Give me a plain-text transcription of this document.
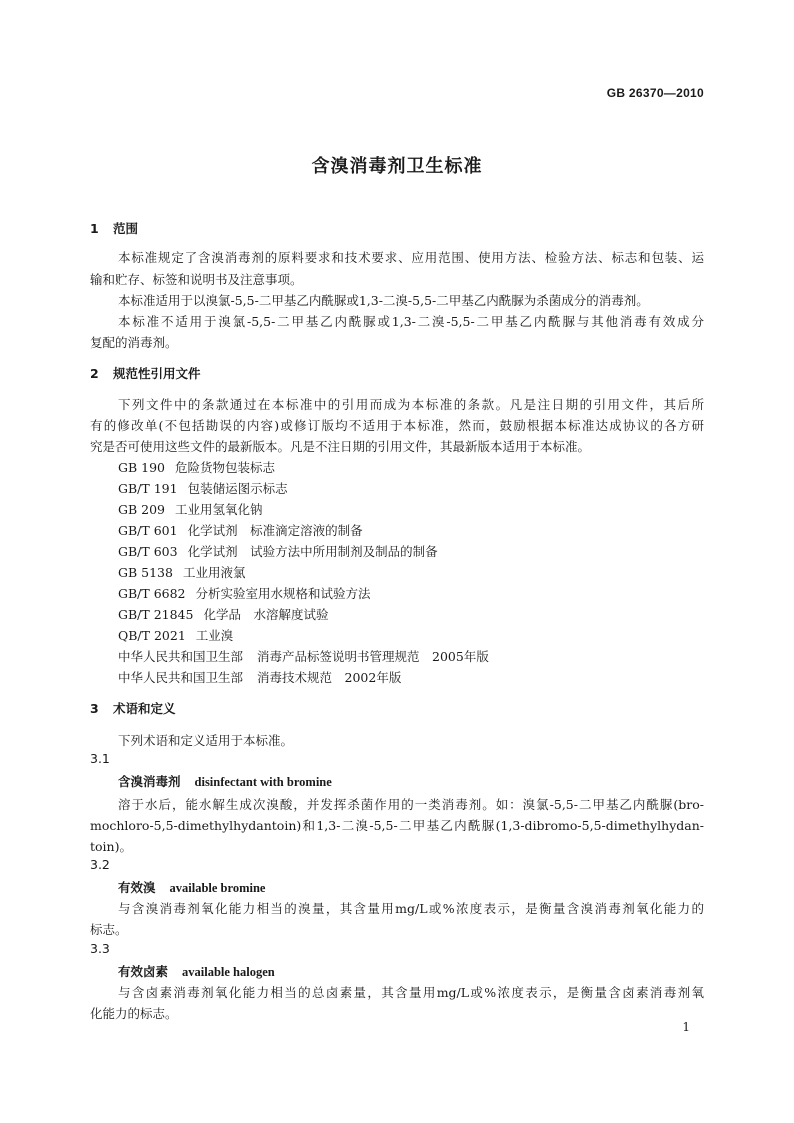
GB 26370—2010
含溴消毒剂卫生标准
1 范围
本标准规定了含溴消毒剂的原料要求和技术要求、应用范围、使用方法、检验方法、标志和包装、运
输和贮存、标签和说明书及注意事项。
本标准适用于以溴氯-5,5-二甲基乙内酰脲或1,3-二溴-5,5-二甲基乙内酰脲为杀菌成分的消毒剂。
本标准不适用于溴氯-5,5-二甲基乙内酰脲或1,3-二溴-5,5-二甲基乙内酰脲与其他消毒有效成分
复配的消毒剂。
2 规范性引用文件
下列文件中的条款通过在本标准中的引用而成为本标准的条款。凡是注日期的引用文件，其后所
有的修改单(不包括勘误的内容)或修订版均不适用于本标准，然而，鼓励根据本标准达成协议的各方研
究是否可使用这些文件的最新版本。凡是不注日期的引用文件，其最新版本适用于本标准。
GB 190 危险货物包装标志
GB/T 191 包装储运图示标志
GB 209 工业用氢氧化钠
GB/T 601 化学试剂　标准滴定溶液的制备
GB/T 603 化学试剂　试验方法中所用制剂及制品的制备
GB 5138 工业用液氯
GB/T 6682 分析实验室用水规格和试验方法
GB/T 21845 化学品　水溶解度试验
QB/T 2021 工业溴
中华人民共和国卫生部 消毒产品标签说明书管理规范　2005年版
中华人民共和国卫生部 消毒技术规范　2002年版
3 术语和定义
下列术语和定义适用于本标准。
3.1
含溴消毒剂 disinfectant with bromine
溶于水后，能水解生成次溴酸，并发挥杀菌作用的一类消毒剂。如：溴氯-5,5-二甲基乙内酰脲(bro-
mochloro-5,5-dimethylhydantoin)和1,3-二溴-5,5-二甲基乙内酰脲(1,3-dibromo-5,5-dimethylhydan-
toin)。
3.2
有效溴 available bromine
与含溴消毒剂氧化能力相当的溴量，其含量用mg/L或%浓度表示，是衡量含溴消毒剂氧化能力的
标志。
3.3
有效卤素 available halogen
与含卤素消毒剂氧化能力相当的总卤素量，其含量用mg/L或%浓度表示，是衡量含卤素消毒剂氧
化能力的标志。
1
